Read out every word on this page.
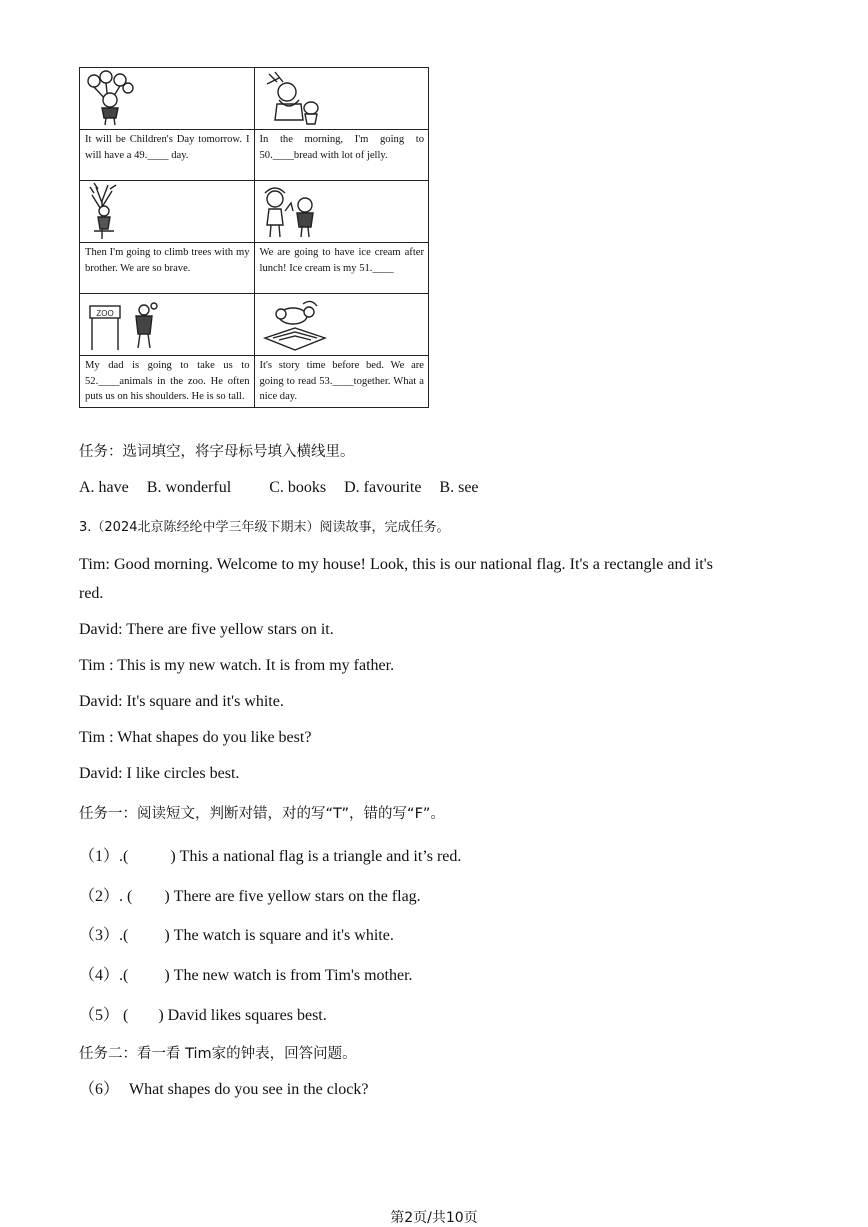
It will be Children's Day tomorrow. I will have a 49.____ day.	In the morning, I'm going to 50.____bread with lot of jelly.

Then I'm going to climb trees with my brother. We are so brave.	We are going to have ice cream after lunch! Ice cream is my 51.____

ZOO

My dad is going to take us to 52.____animals in the zoo. He often puts us on his shoulders. He is so tall.	It's story time before bed. We are going to read 53.____together. What a nice day.
任务：选词填空，将字母标号填入横线里。
A. have B. wonderful C. books D. favourite B. see
3.（2024北京陈经纶中学三年级下期末）阅读故事，完成任务。
Tim: Good morning. Welcome to my house! Look, this is our national flag. It's a rectangle and it's
red.
David: There are five yellow stars on it.
Tim : This is my new watch. It is from my father.
David: It's square and it's white.
Tim : What shapes do you like best?
David: I like circles best.
任务一：阅读短文，判断对错，对的写“T”，错的写“F”。
（1）.(	) This a national flag is a triangle and it’s red.
（2）. ( ) There are five yellow stars on the flag.
（3）.( ) The watch is square and it's white.
（4）.( ) The new watch is from Tim's mother.
（5） ( ) David likes squares best.
任务二：看一看 Tim家的钟表，回答问题。
（6） What shapes do you see in the clock?
第2页/共10页
